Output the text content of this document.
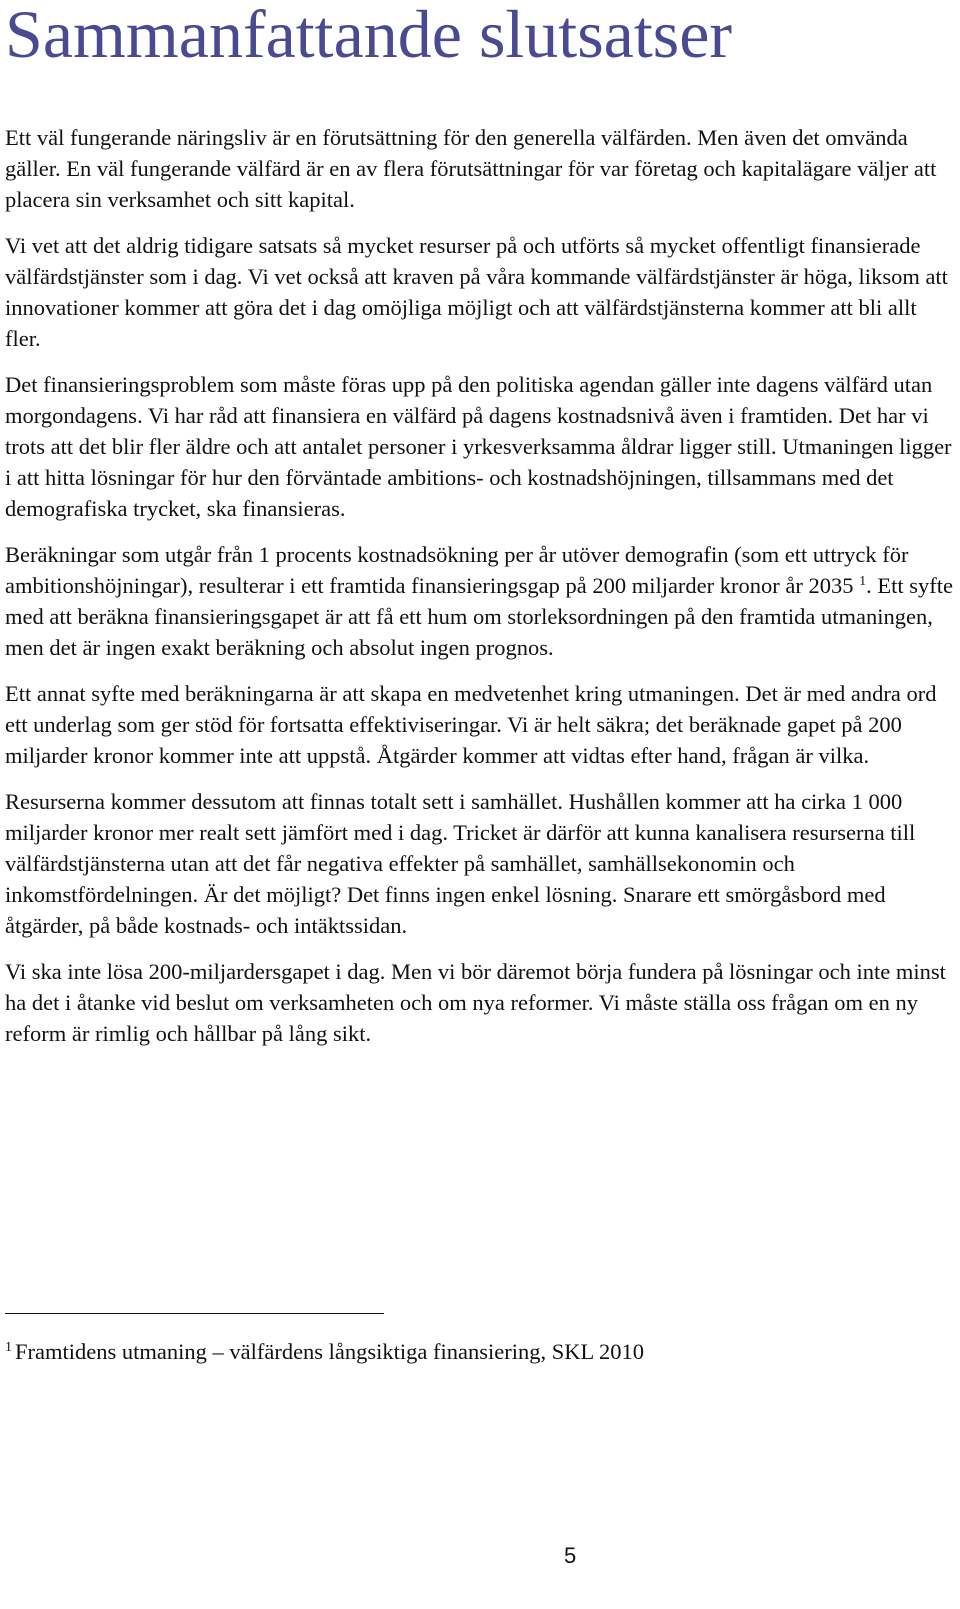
Sammanfattande slutsatser

Ett väl fungerande näringsliv är en förutsättning för den generella välfärden. Men även det omvända gäller. En väl fungerande välfärd är en av flera förutsättningar för var företag och kapitalägare väljer att placera sin verksamhet och sitt kapital.

Vi vet att det aldrig tidigare satsats så mycket resurser på och utförts så mycket offentligt finansierade välfärdstjänster som i dag. Vi vet också att kraven på våra kommande välfärdstjänster är höga, liksom att innovationer kommer att göra det i dag omöjliga möjligt och att välfärdstjänsterna kommer att bli allt fler.

Det finansieringsproblem som måste föras upp på den politiska agendan gäller inte dagens välfärd utan morgondagens. Vi har råd att finansiera en välfärd på dagens kostnadsnivå även i framtiden. Det har vi trots att det blir fler äldre och att antalet personer i yrkesverksamma åldrar ligger still. Utmaningen ligger i att hitta lösningar för hur den förväntade ambitions- och kostnadshöjningen, tillsammans med det demografiska trycket, ska finansieras.

Beräkningar som utgår från 1 procents kostnadsökning per år utöver demografin (som ett uttryck för ambitionshöjningar), resulterar i ett framtida finansieringsgap på 200 miljarder kronor år 2035 $^1$. Ett syfte med att beräkna finansieringsgapet är att få ett hum om storleksordningen på den framtida utmaningen, men det är ingen exakt beräkning och absolut ingen prognos.

Ett annat syfte med beräkningarna är att skapa en medvetenhet kring utmaningen. Det är med andra ord ett underlag som ger stöd för fortsatta effektiviseringar. Vi är helt säkra; det beräknade gapet på 200 miljarder kronor kommer inte att uppstå. Åtgärder kommer att vidtas efter hand, frågan är vilka.

Resurserna kommer dessutom att finnas totalt sett i samhället. Hushållen kommer att ha cirka 1 000 miljarder kronor mer realt sett jämfört med i dag. Tricket är därför att kunna kanalisera resurserna till välfärdstjänsterna utan att det får negativa effekter på samhället, samhällsekonomin och inkomstfördelningen. Är det möjligt? Det finns ingen enkel lösning. Snarare ett smörgåsbord med åtgärder, på både kostnads- och intäktssidan.

Vi ska inte lösa 200-miljardersgapet i dag. Men vi bör däremot börja fundera på lösningar och inte minst ha det i åtanke vid beslut om verksamheten och om nya reformer. Vi måste ställa oss frågan om en ny reform är rimlig och hållbar på lång sikt.

$^1$ Framtidens utmaning – välfärdens långsiktiga finansiering, SKL 2010

5
